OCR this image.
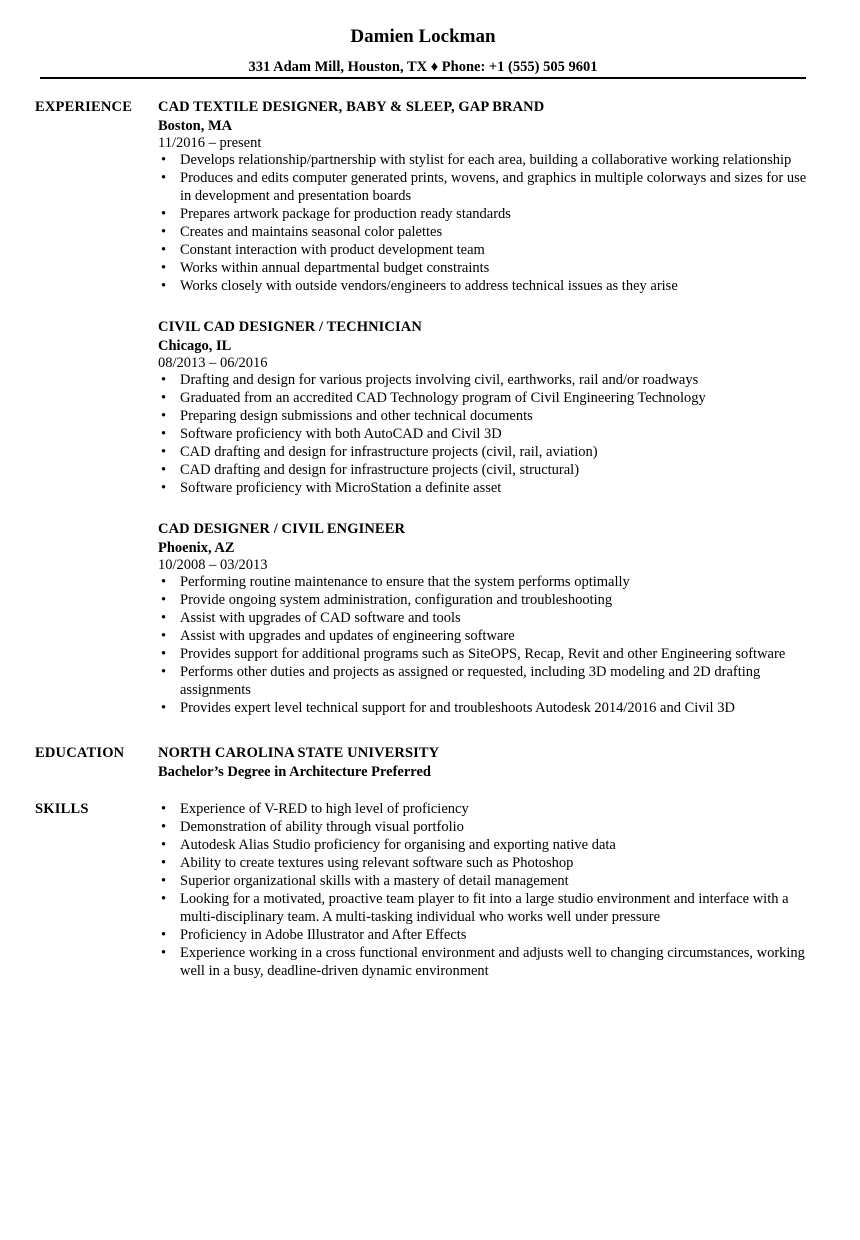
Damien Lockman
331 Adam Mill, Houston, TX ♦ Phone: +1 (555) 505 9601
EXPERIENCE CAD TEXTILE DESIGNER, BABY & SLEEP, GAP BRAND
Boston, MA
11/2016 – present
• Develops relationship/partnership with stylist for each area, building a collaborative working relationship
• Produces and edits computer generated prints, wovens, and graphics in multiple colorways and sizes for use in development and presentation boards
• Prepares artwork package for production ready standards
• Creates and maintains seasonal color palettes
• Constant interaction with product development team
• Works within annual departmental budget constraints
• Works closely with outside vendors/engineers to address technical issues as they arise
CIVIL CAD DESIGNER / TECHNICIAN
Chicago, IL
08/2013 – 06/2016
• Drafting and design for various projects involving civil, earthworks, rail and/or roadways
• Graduated from an accredited CAD Technology program of Civil Engineering Technology
• Preparing design submissions and other technical documents
• Software proficiency with both AutoCAD and Civil 3D
• CAD drafting and design for infrastructure projects (civil, rail, aviation)
• CAD drafting and design for infrastructure projects (civil, structural)
• Software proficiency with MicroStation a definite asset
CAD DESIGNER / CIVIL ENGINEER
Phoenix, AZ
10/2008 – 03/2013
• Performing routine maintenance to ensure that the system performs optimally
• Provide ongoing system administration, configuration and troubleshooting
• Assist with upgrades of CAD software and tools
• Assist with upgrades and updates of engineering software
• Provides support for additional programs such as SiteOPS, Recap, Revit and other Engineering software
• Performs other duties and projects as assigned or requested, including 3D modeling and 2D drafting assignments
• Provides expert level technical support for and troubleshoots Autodesk 2014/2016 and Civil 3D
EDUCATION NORTH CAROLINA STATE UNIVERSITY
Bachelor’s Degree in Architecture Preferred
SKILLS
•	Experience of V-RED to high level of proficiency
• Demonstration of ability through visual portfolio
• Autodesk Alias Studio proficiency for organising and exporting native data
• Ability to create textures using relevant software such as Photoshop
• Superior organizational skills with a mastery of detail management
• Looking for a motivated, proactive team player to fit into a large studio environment and interface with a multi-disciplinary team. A multi-tasking individual who works well under pressure
• Proficiency in Adobe Illustrator and After Effects
• Experience working in a cross functional environment and adjusts well to changing circumstances, working well in a busy, deadline-driven dynamic environment
